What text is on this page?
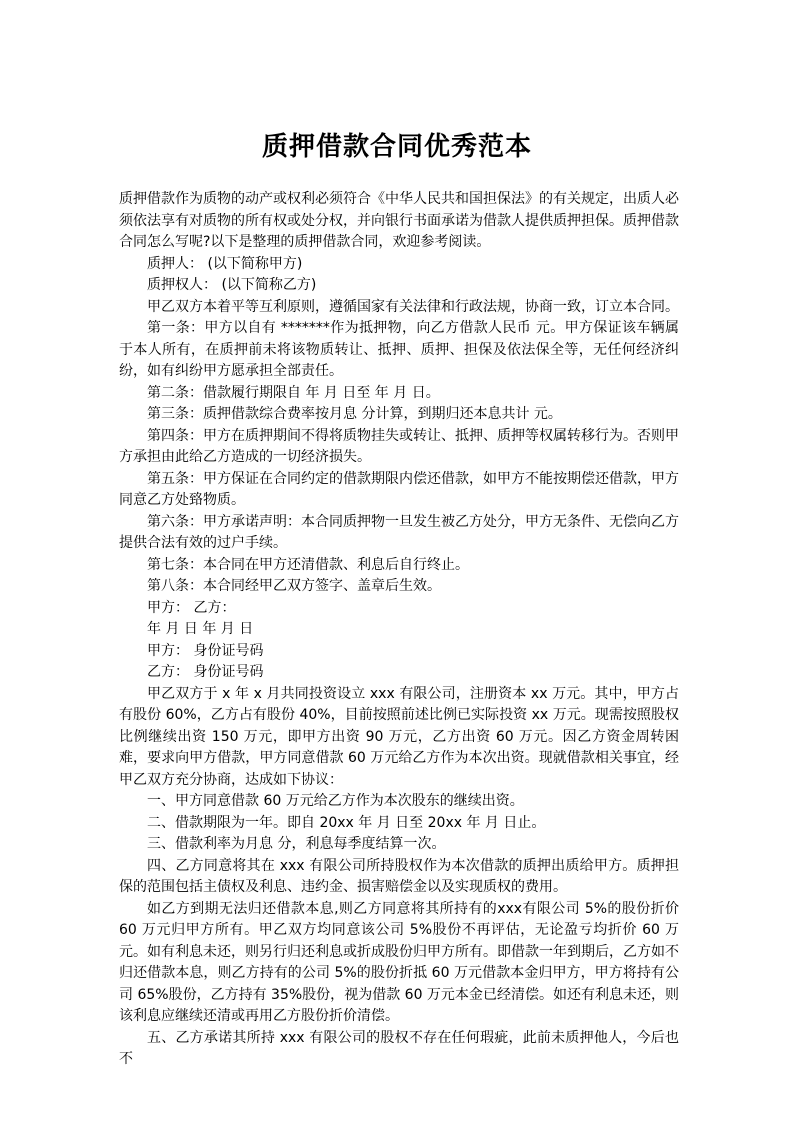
质押借款合同优秀范本

质押借款作为质物的动产或权利必须符合《中华人民共和国担保法》的有关规定，出质人必须依法享有对质物的所有权或处分权，并向银行书面承诺为借款人提供质押担保。质押借款合同怎么写呢?以下是整理的质押借款合同，欢迎参考阅读。

质押人： (以下简称甲方)

质押权人： (以下简称乙方)

甲乙双方本着平等互利原则，遵循国家有关法律和行政法规，协商一致，订立本合同。

第一条：甲方以自有 *******作为抵押物，向乙方借款人民币 元。甲方保证该车辆属于本人所有，在质押前未将该物质转让、抵押、质押、担保及依法保全等，无任何经济纠纷，如有纠纷甲方愿承担全部责任。

第二条：借款履行期限自 年 月 日至 年 月 日。

第三条：质押借款综合费率按月息 分计算，到期归还本息共计 元。

第四条：甲方在质押期间不得将质物挂失或转让、抵押、质押等权属转移行为。否则甲方承担由此给乙方造成的一切经济损失。

第五条：甲方保证在合同约定的借款期限内偿还借款，如甲方不能按期偿还借款，甲方同意乙方处臵物质。

第六条：甲方承诺声明：本合同质押物一旦发生被乙方处分，甲方无条件、无偿向乙方提供合法有效的过户手续。

第七条：本合同在甲方还清借款、利息后自行终止。

第八条：本合同经甲乙双方签字、盖章后生效。

甲方： 乙方：

年 月 日 年 月 日

甲方： 身份证号码

乙方： 身份证号码

甲乙双方于 x 年 x 月共同投资设立 xxx 有限公司，注册资本 xx 万元。其中，甲方占有股份 60%，乙方占有股份 40%，目前按照前述比例已实际投资 xx 万元。现需按照股权比例继续出资 150 万元，即甲方出资 90 万元，乙方出资 60 万元。因乙方资金周转困难，要求向甲方借款，甲方同意借款 60 万元给乙方作为本次出资。现就借款相关事宜，经甲乙双方充分协商，达成如下协议：

一、甲方同意借款 60 万元给乙方作为本次股东的继续出资。

二、借款期限为一年。即自 20xx 年 月 日至 20xx 年 月 日止。

三、借款利率为月息 分，利息每季度结算一次。

四、乙方同意将其在 xxx 有限公司所持股权作为本次借款的质押出质给甲方。质押担保的范围包括主债权及利息、违约金、损害赔偿金以及实现质权的费用。

如乙方到期无法归还借款本息,则乙方同意将其所持有的xxx有限公司 5%的股份折价 60 万元归甲方所有。甲乙双方均同意该公司 5%股份不再评估，无论盈亏均折价 60 万元。如有利息未还，则另行归还利息或折成股份归甲方所有。即借款一年到期后，乙方如不归还借款本息，则乙方持有的公司 5%的股份折抵 60 万元借款本金归甲方，甲方将持有公司 65%股份，乙方持有 35%股份，视为借款 60 万元本金已经清偿。如还有利息未还，则该利息应继续还清或再用乙方股份折价清偿。

五、乙方承诺其所持 xxx 有限公司的股权不存在任何瑕疵，此前未质押他人，今后也不
